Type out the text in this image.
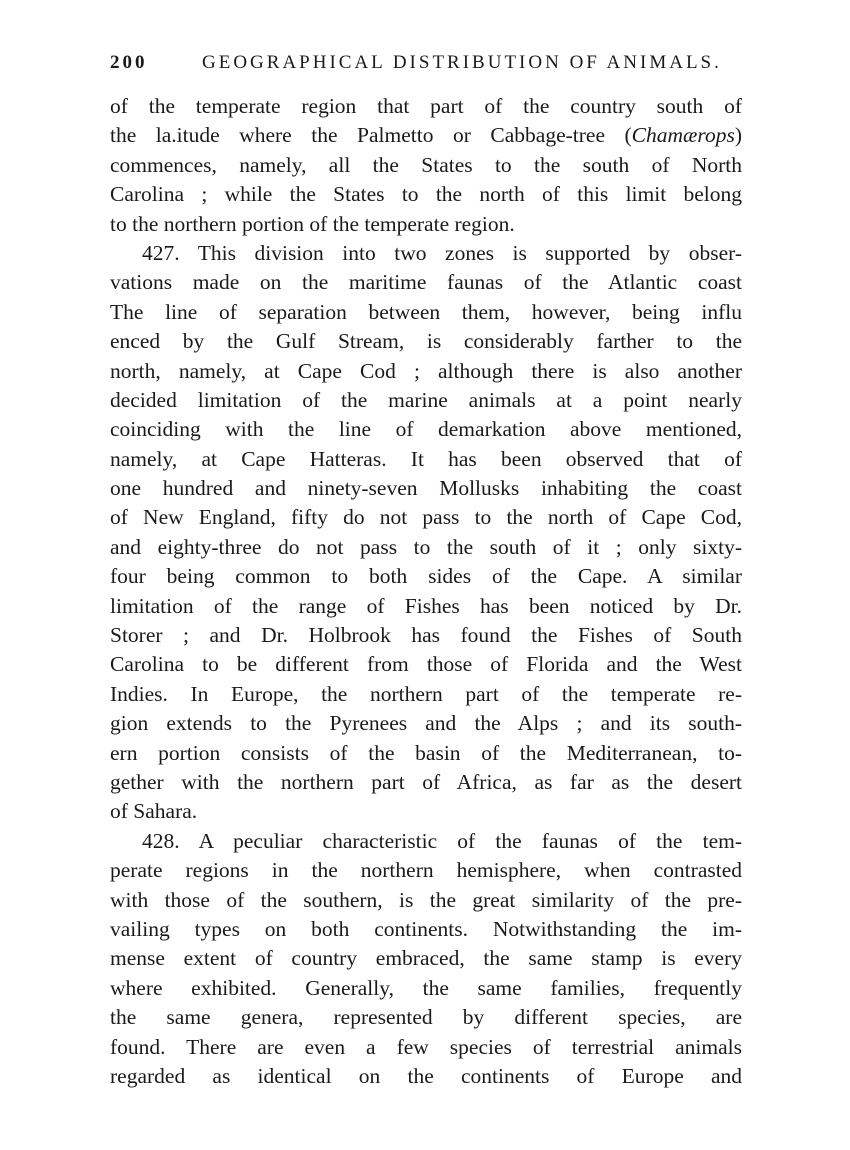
200	GEOGRAPHICAL DISTRIBUTION OF ANIMALS.
of the temperate region that part of the country south of
the la.itude where the Palmetto or Cabbage-tree (Chamærops)
commences, namely, all the States to the south of North
Carolina ; while the States to the north of this limit belong
to the northern portion of the temperate region.
427. This division into two zones is supported by obser-
vations made on the maritime faunas of the Atlantic coast
The line of separation between them, however, being influ
enced by the Gulf Stream, is considerably farther to the
north, namely, at Cape Cod ; although there is also another
decided limitation of the marine animals at a point nearly
coinciding with the line of demarkation above mentioned,
namely, at Cape Hatteras. It has been observed that of
one hundred and ninety-seven Mollusks inhabiting the coast
of New England, fifty do not pass to the north of Cape Cod,
and eighty-three do not pass to the south of it ; only sixty-
four being common to both sides of the Cape. A similar
limitation of the range of Fishes has been noticed by Dr.
Storer ; and Dr. Holbrook has found the Fishes of South
Carolina to be different from those of Florida and the West
Indies. In Europe, the northern part of the temperate re-
gion extends to the Pyrenees and the Alps ; and its south-
ern portion consists of the basin of the Mediterranean, to-
gether with the northern part of Africa, as far as the desert
of Sahara.
428. A peculiar characteristic of the faunas of the tem-
perate regions in the northern hemisphere, when contrasted
with those of the southern, is the great similarity of the pre-
vailing types on both continents. Notwithstanding the im-
mense extent of country embraced, the same stamp is every
where exhibited. Generally, the same families, frequently
the same genera, represented by different species, are
found. There are even a few species of terrestrial animals
regarded as identical on the continents of Europe and
